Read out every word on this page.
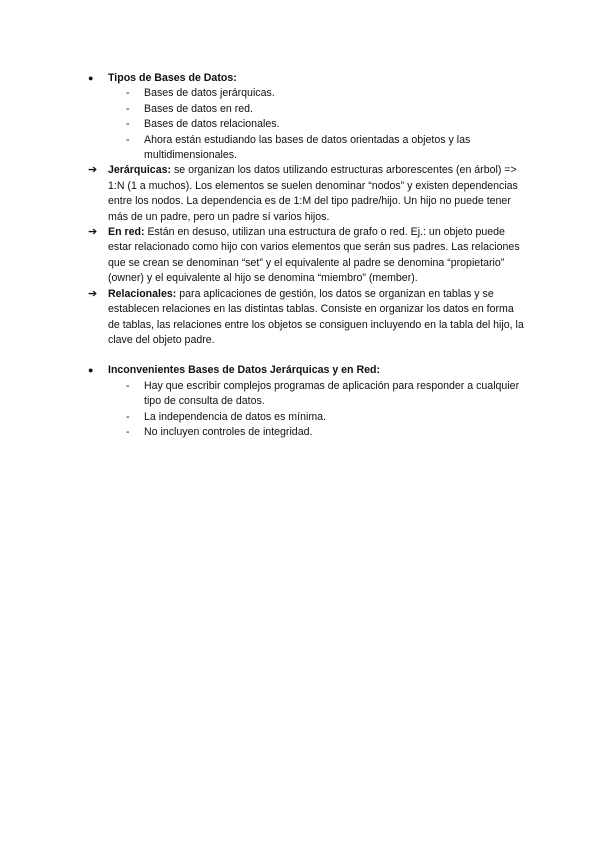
●	Tipos de Bases de Datos:
- Bases de datos jerárquicas.
- Bases de datos en red.
- Bases de datos relacionales.
- Ahora están estudiando las bases de datos orientadas a objetos y las multidimensionales.
➔ Jerárquicas: se organizan los datos utilizando estructuras arborescentes (en árbol) => 1:N (1 a muchos). Los elementos se suelen denominar “nodos” y existen dependencias entre los nodos. La dependencia es de 1:M del tipo padre/hijo. Un hijo no puede tener más de un padre, pero un padre sí varios hijos.
➔ En red: Están en desuso, utilizan una estructura de grafo o red. Ej.: un objeto puede estar relacionado como hijo con varios elementos que serán sus padres. Las relaciones que se crean se denominan “set” y el equivalente al padre se denomina “propietario” (owner) y el equivalente al hijo se denomina “miembro” (member).
➔ Relacionales: para aplicaciones de gestión, los datos se organizan en tablas y se establecen relaciones en las distintas tablas. Consiste en organizar los datos en forma de tablas, las relaciones entre los objetos se consiguen incluyendo en la tabla del hijo, la clave del objeto padre.
●	Inconvenientes Bases de Datos Jerárquicas y en Red:
- Hay que escribir complejos programas de aplicación para responder a cualquier tipo de consulta de datos.
- La independencia de datos es mínima.
- No incluyen controles de integridad.
